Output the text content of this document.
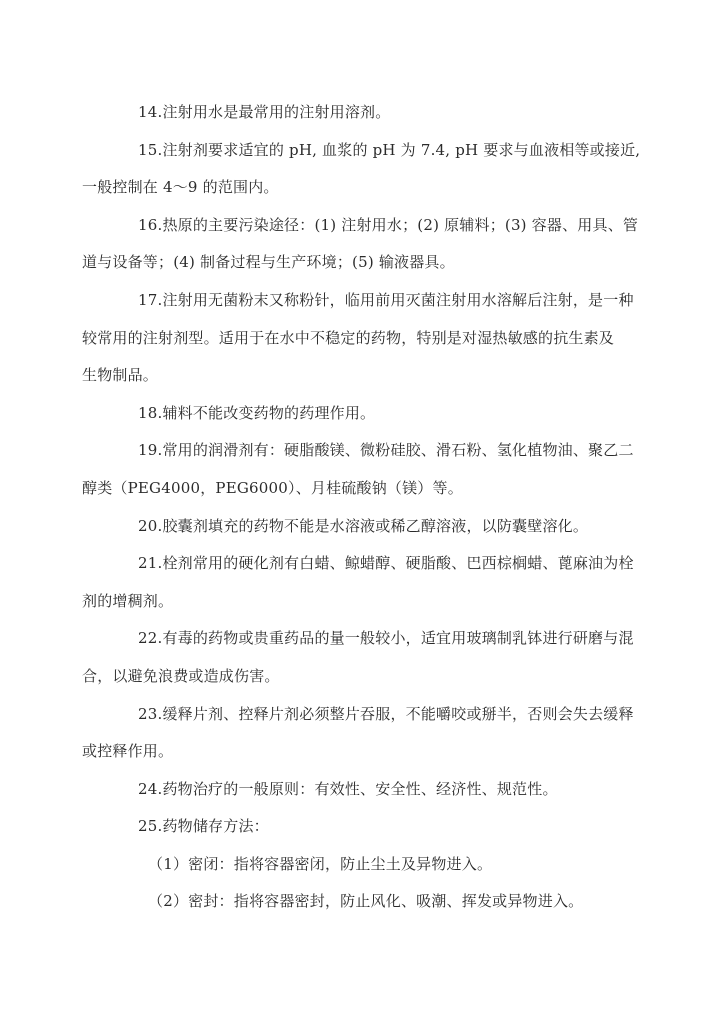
14.注射用水是最常用的注射用溶剂。

15.注射剂要求适宜的 pH, 血浆的 pH 为 7.4, pH 要求与血液相等或接近,
一般控制在 4～9 的范围内。

16.热原的主要污染途径：(1) 注射用水；(2) 原辅料；(3) 容器、用具、管
道与设备等；(4) 制备过程与生产环境；(5) 输液器具。

17.注射用无菌粉末又称粉针，临用前用灭菌注射用水溶解后注射，是一种
较常用的注射剂型。适用于在水中不稳定的药物，特别是对湿热敏感的抗生素及
生物制品。

18.辅料不能改变药物的药理作用。

19.常用的润滑剂有：硬脂酸镁、微粉硅胶、滑石粉、氢化植物油、聚乙二
醇类（PEG4000，PEG6000）、月桂硫酸钠（镁）等。

20.胶囊剂填充的药物不能是水溶液或稀乙醇溶液，以防囊壁溶化。

21.栓剂常用的硬化剂有白蜡、鲸蜡醇、硬脂酸、巴西棕榈蜡、蓖麻油为栓
剂的增稠剂。

22.有毒的药物或贵重药品的量一般较小，适宜用玻璃制乳钵进行研磨与混
合，以避免浪费或造成伤害。

23.缓释片剂、控释片剂必须整片吞服，不能嚼咬或掰半，否则会失去缓释
或控释作用。

24.药物治疗的一般原则：有效性、安全性、经济性、规范性。

25.药物储存方法：

（1）密闭：指将容器密闭，防止尘土及异物进入。

（2）密封：指将容器密封，防止风化、吸潮、挥发或异物进入。
